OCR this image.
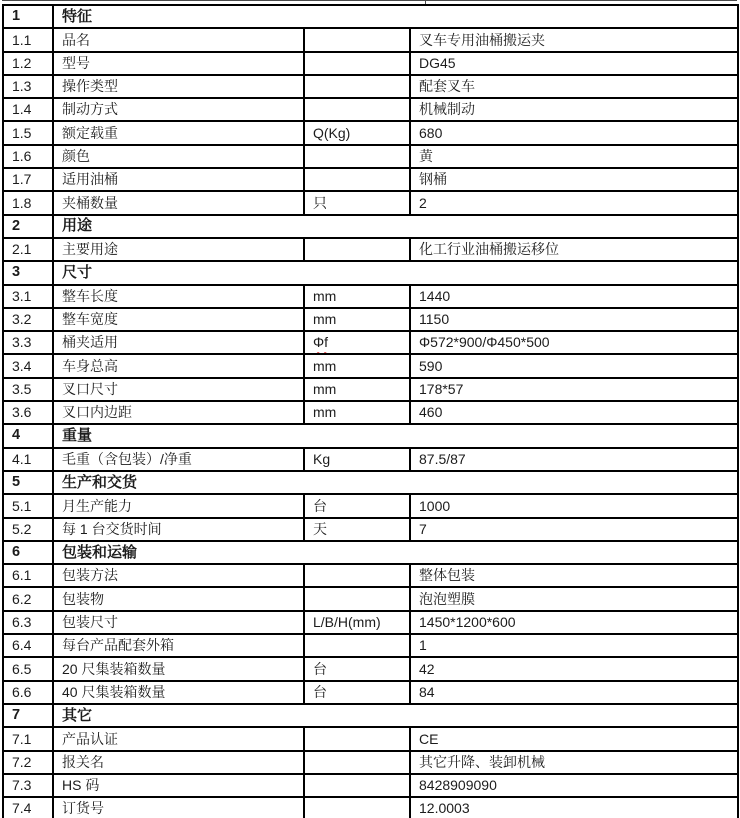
1	特征		
1.1	品名		叉车专用油桶搬运夹
1.2	型号		DG45
1.3	操作类型		配套叉车
1.4	制动方式		机械制动
1.5	额定载重	Q(Kg)	680
1.6	颜色		黄
1.7	适用油桶		钢桶
1.8	夹桶数量	只	2
2	用途		
2.1	主要用途		化工行业油桶搬运移位
3	尺寸		
3.1	整车长度	mm	1440
3.2	整车宽度	mm	1150
3.3	桶夹适用	Φf	Φ572*900/Φ450*500
3.4	车身总高	mm	590
3.5	叉口尺寸	mm	178*57
3.6	叉口内边距	mm	460
4	重量		
4.1	毛重（含包装）/净重	Kg	87.5/87
5	生产和交货		
5.1	月生产能力	台	1000
5.2	每 1 台交货时间	天	7
6	包装和运输		
6.1	包装方法		整体包装
6.2	包装物		泡泡塑膜
6.3	包装尺寸	L/B/H(mm)	1450*1200*600
6.4	每台产品配套外箱		1
6.5	20 尺集装箱数量	台	42
6.6	40 尺集装箱数量	台	84
7	其它		
7.1	产品认证		CE
7.2	报关名		其它升降、装卸机械
7.3	HS 码		8428909090
7.4	订货号		12.0003
